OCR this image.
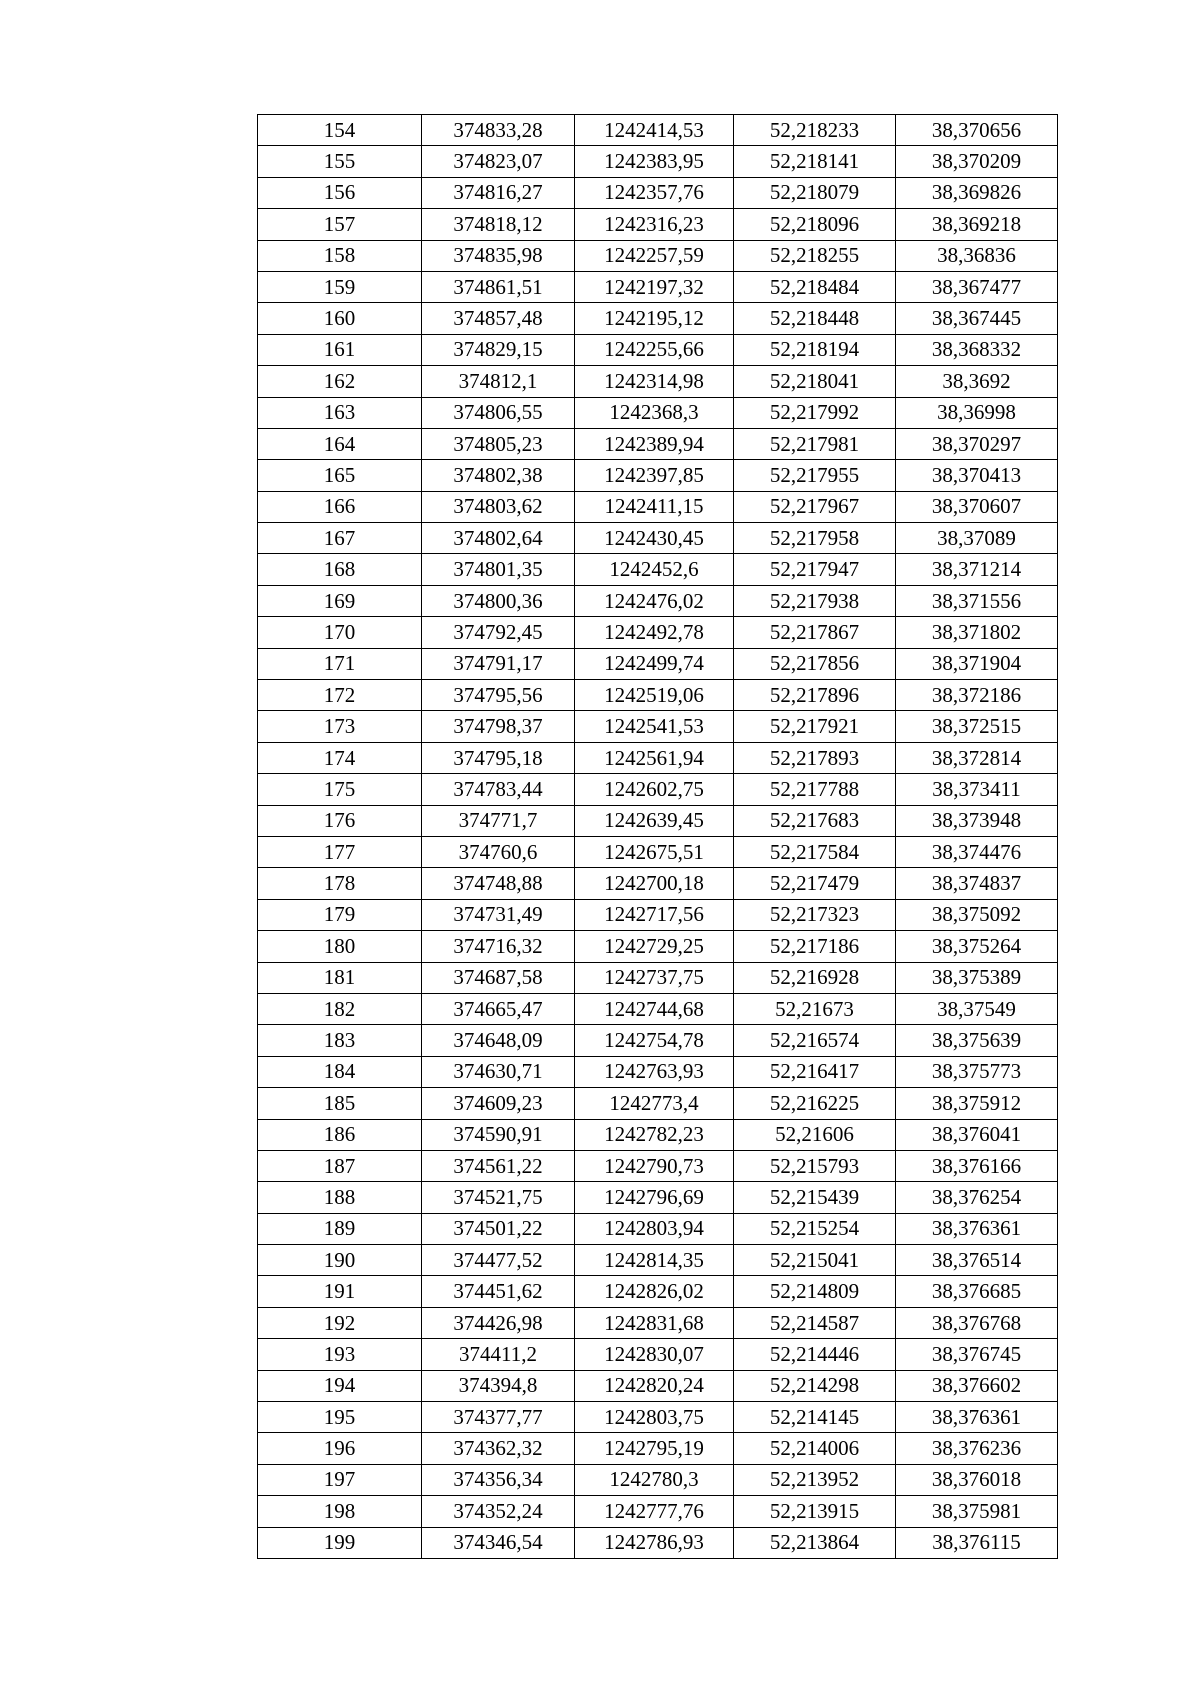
154	374833,28	1242414,53	52,218233	38,370656
155	374823,07	1242383,95	52,218141	38,370209
156	374816,27	1242357,76	52,218079	38,369826
157	374818,12	1242316,23	52,218096	38,369218
158	374835,98	1242257,59	52,218255	38,36836
159	374861,51	1242197,32	52,218484	38,367477
160	374857,48	1242195,12	52,218448	38,367445
161	374829,15	1242255,66	52,218194	38,368332
162	374812,1	1242314,98	52,218041	38,3692
163	374806,55	1242368,3	52,217992	38,36998
164	374805,23	1242389,94	52,217981	38,370297
165	374802,38	1242397,85	52,217955	38,370413
166	374803,62	1242411,15	52,217967	38,370607
167	374802,64	1242430,45	52,217958	38,37089
168	374801,35	1242452,6	52,217947	38,371214
169	374800,36	1242476,02	52,217938	38,371556
170	374792,45	1242492,78	52,217867	38,371802
171	374791,17	1242499,74	52,217856	38,371904
172	374795,56	1242519,06	52,217896	38,372186
173	374798,37	1242541,53	52,217921	38,372515
174	374795,18	1242561,94	52,217893	38,372814
175	374783,44	1242602,75	52,217788	38,373411
176	374771,7	1242639,45	52,217683	38,373948
177	374760,6	1242675,51	52,217584	38,374476
178	374748,88	1242700,18	52,217479	38,374837
179	374731,49	1242717,56	52,217323	38,375092
180	374716,32	1242729,25	52,217186	38,375264
181	374687,58	1242737,75	52,216928	38,375389
182	374665,47	1242744,68	52,21673	38,37549
183	374648,09	1242754,78	52,216574	38,375639
184	374630,71	1242763,93	52,216417	38,375773
185	374609,23	1242773,4	52,216225	38,375912
186	374590,91	1242782,23	52,21606	38,376041
187	374561,22	1242790,73	52,215793	38,376166
188	374521,75	1242796,69	52,215439	38,376254
189	374501,22	1242803,94	52,215254	38,376361
190	374477,52	1242814,35	52,215041	38,376514
191	374451,62	1242826,02	52,214809	38,376685
192	374426,98	1242831,68	52,214587	38,376768
193	374411,2	1242830,07	52,214446	38,376745
194	374394,8	1242820,24	52,214298	38,376602
195	374377,77	1242803,75	52,214145	38,376361
196	374362,32	1242795,19	52,214006	38,376236
197	374356,34	1242780,3	52,213952	38,376018
198	374352,24	1242777,76	52,213915	38,375981
199	374346,54	1242786,93	52,213864	38,376115
